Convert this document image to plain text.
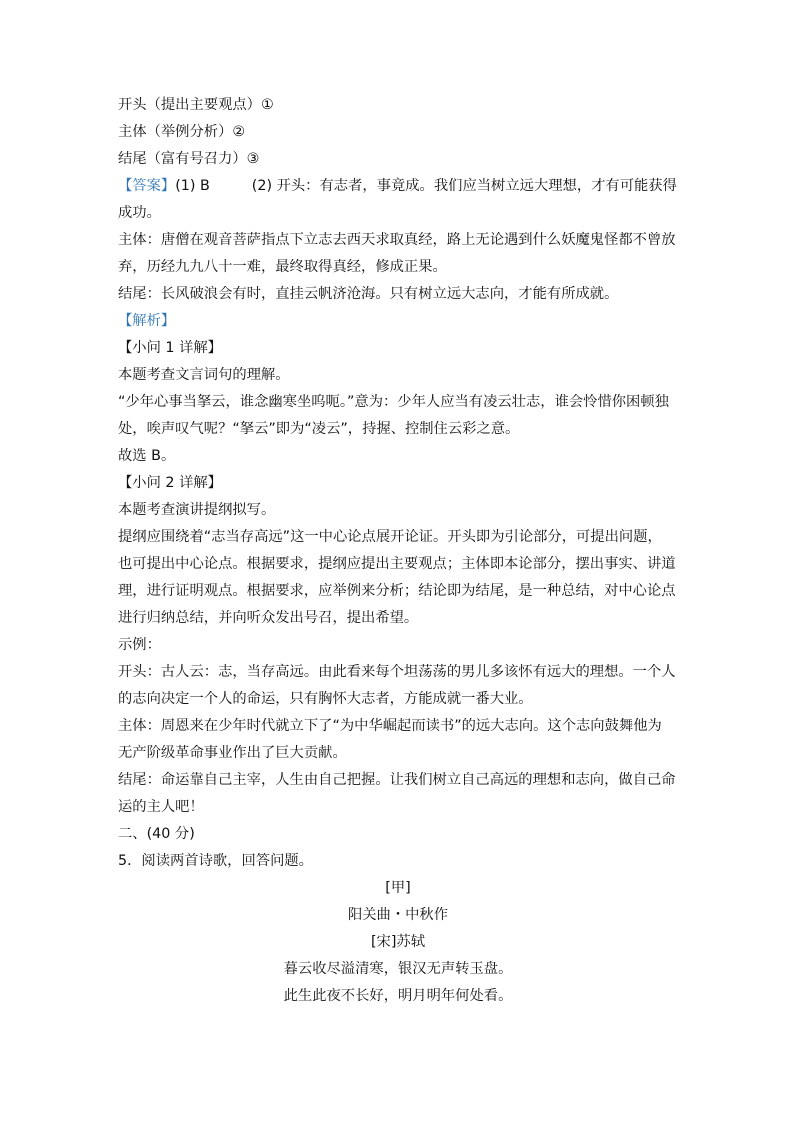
开头（提出主要观点）①
主体（举例分析）②
结尾（富有号召力）③
【答案】(1) B	(2) 开头：有志者，事竟成。我们应当树立远大理想，才有可能获得
成功。
主体：唐僧在观音菩萨指点下立志去西天求取真经，路上无论遇到什么妖魔鬼怪都不曾放
弃，历经九九八十一难，最终取得真经，修成正果。
结尾：长风破浪会有时，直挂云帆济沧海。只有树立远大志向，才能有所成就。
【解析】
【小问 1 详解】
本题考查文言词句的理解。
“少年心事当拏云，谁念幽寒坐呜呃。”意为：少年人应当有凌云壮志，谁会怜惜你困顿独
处，唉声叹气呢？“拏云”即为“凌云”，持握、控制住云彩之意。
故选 B。
【小问 2 详解】
本题考查演讲提纲拟写。
提纲应围绕着“志当存高远”这一中心论点展开论证。开头即为引论部分，可提出问题，
也可提出中心论点。根据要求，提纲应提出主要观点；主体即本论部分，摆出事实、讲道
理，进行证明观点。根据要求，应举例来分析；结论即为结尾，是一种总结，对中心论点
进行归纳总结，并向听众发出号召，提出希望。
示例：
开头：古人云：志，当存高远。由此看来每个坦荡荡的男儿多该怀有远大的理想。一个人
的志向决定一个人的命运，只有胸怀大志者，方能成就一番大业。
主体：周恩来在少年时代就立下了“为中华崛起而读书”的远大志向。这个志向鼓舞他为
无产阶级革命事业作出了巨大贡献。
结尾：命运靠自己主宰，人生由自己把握。让我们树立自己高远的理想和志向，做自己命
运的主人吧！
二、(40 分)
5．阅读两首诗歌，回答问题。
[甲]
阳关曲・中秋作
[宋]苏轼
暮云收尽溢清寒，银汉无声转玉盘。
此生此夜不长好，明月明年何处看。
